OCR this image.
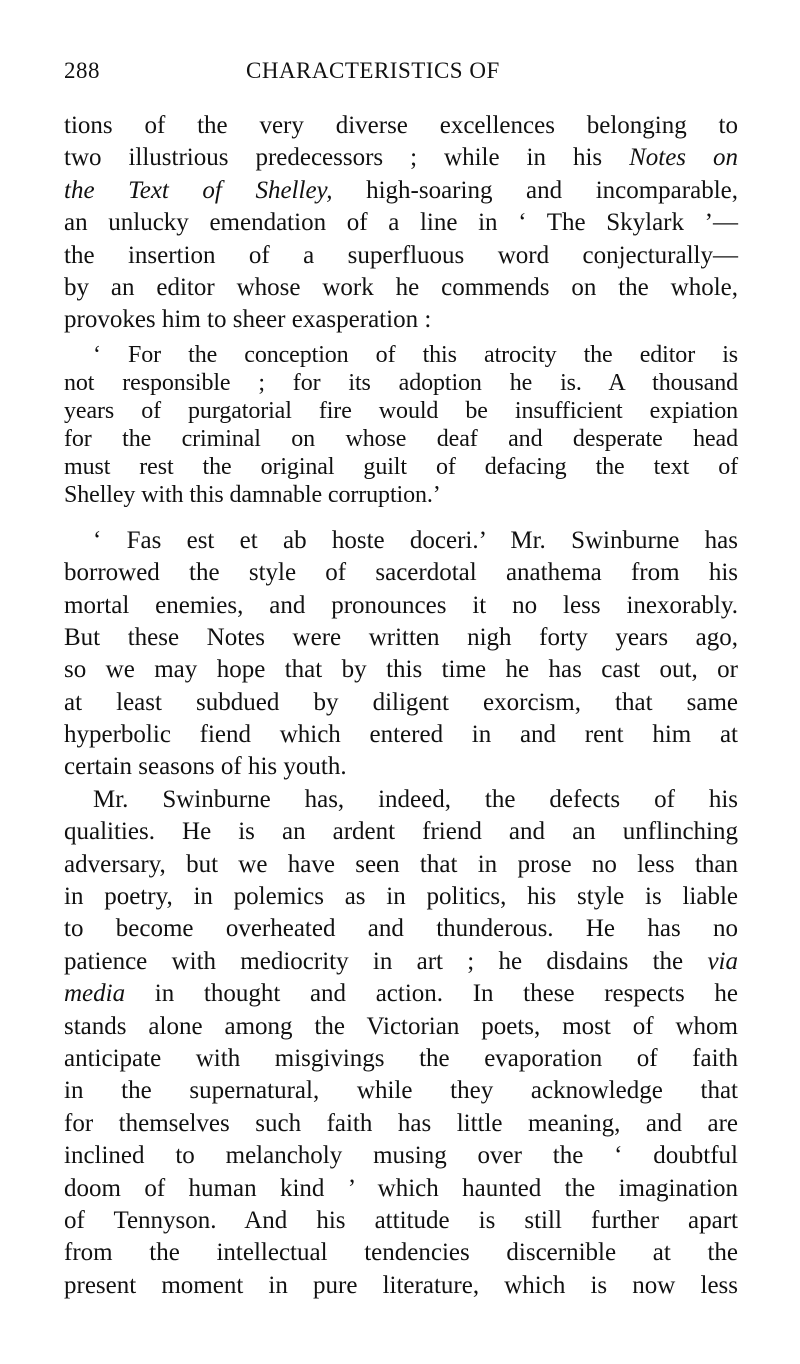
288	CHARACTERISTICS OF
tions of the very diverse excellences belonging to
two illustrious predecessors ; while in his Notes on
the Text of Shelley, high-soaring and incomparable,
an unlucky emendation of a line in ‘ The Skylark ’—
the insertion of a superfluous word conjecturally—
by an editor whose work he commends on the whole,
provokes him to sheer exasperation :
‘ For the conception of this atrocity the editor is
not responsible ; for its adoption he is. A thousand
years of purgatorial fire would be insufficient expiation
for the criminal on whose deaf and desperate head
must rest the original guilt of defacing the text of
Shelley with this damnable corruption.’
‘ Fas est et ab hoste doceri.’ Mr. Swinburne has
borrowed the style of sacerdotal anathema from his
mortal enemies, and pronounces it no less inexorably.
But these Notes were written nigh forty years ago,
so we may hope that by this time he has cast out, or
at least subdued by diligent exorcism, that same
hyperbolic fiend which entered in and rent him at
certain seasons of his youth.
Mr. Swinburne has, indeed, the defects of his
qualities. He is an ardent friend and an unflinching
adversary, but we have seen that in prose no less than
in poetry, in polemics as in politics, his style is liable
to become overheated and thunderous. He has no
patience with mediocrity in art ; he disdains the via
media in thought and action. In these respects he
stands alone among the Victorian poets, most of whom
anticipate with misgivings the evaporation of faith
in the supernatural, while they acknowledge that
for themselves such faith has little meaning, and are
inclined to melancholy musing over the ‘ doubtful
doom of human kind ’ which haunted the imagination
of Tennyson. And his attitude is still further apart
from the intellectual tendencies discernible at the
present moment in pure literature, which is now less
